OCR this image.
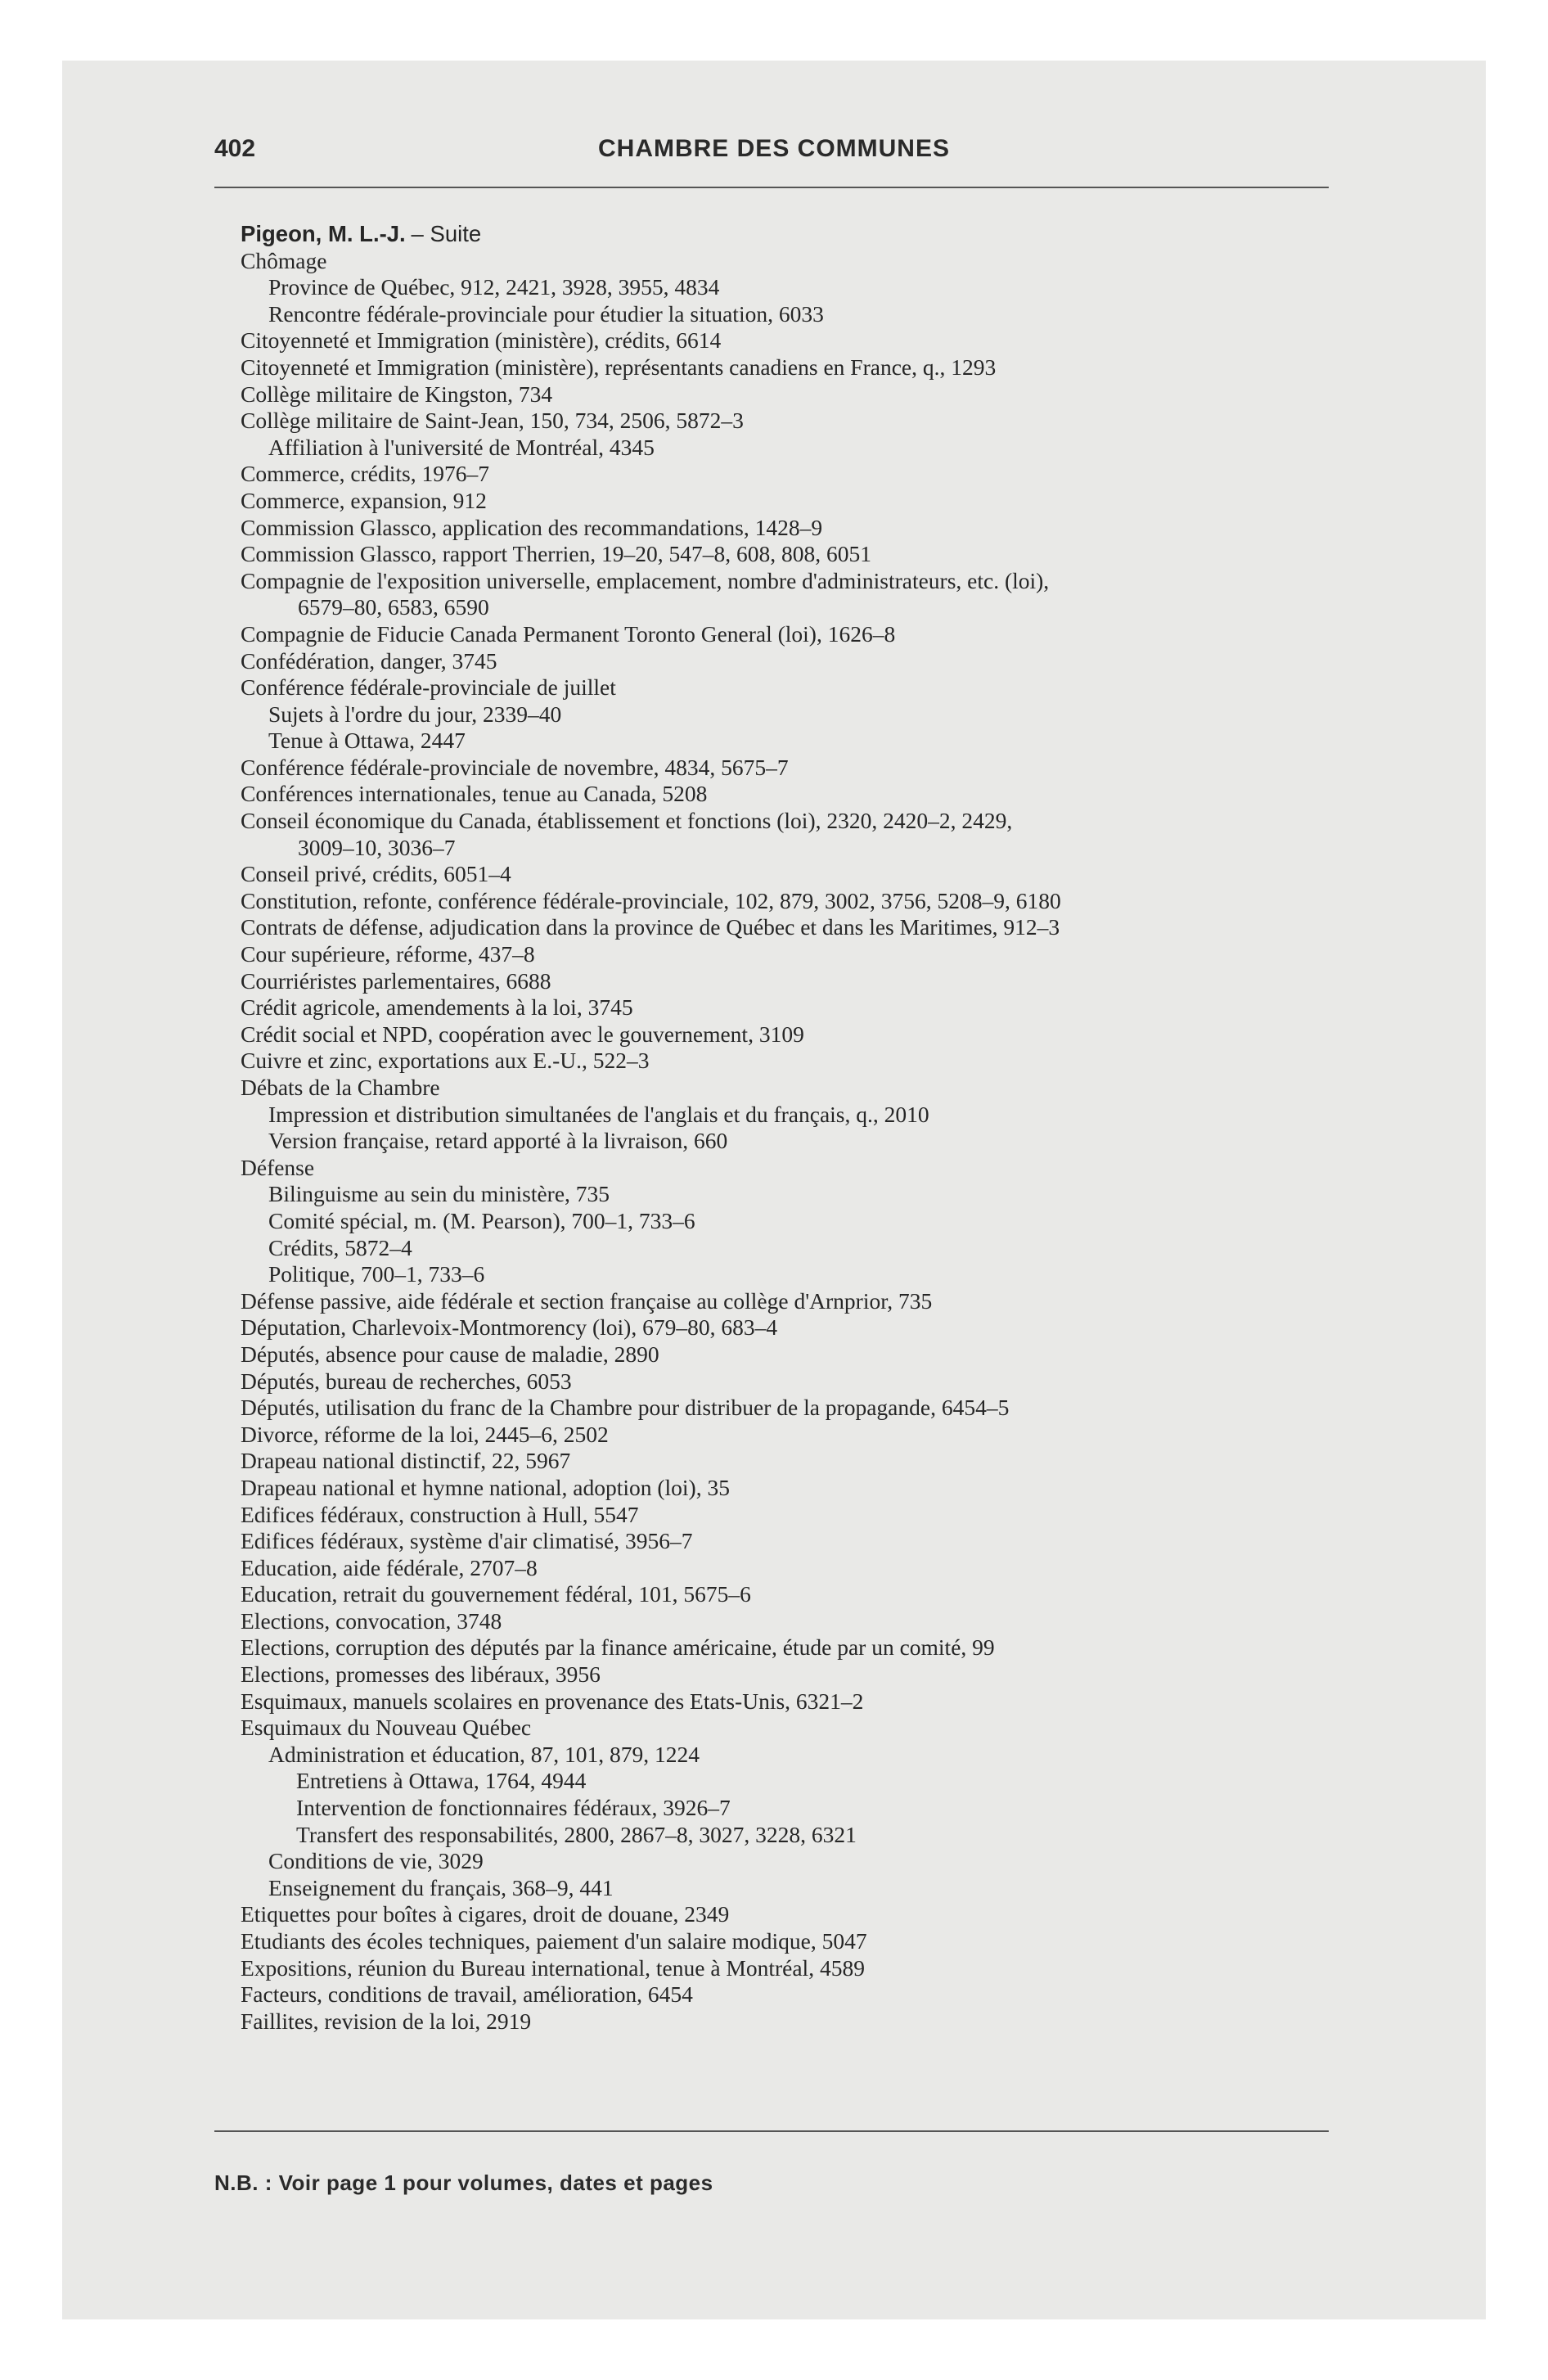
402	CHAMBRE DES COMMUNES
Pigeon, M. L.-J. – Suite
Chômage
Province de Québec, 912, 2421, 3928, 3955, 4834
Rencontre fédérale-provinciale pour étudier la situation, 6033
Citoyenneté et Immigration (ministère), crédits, 6614
Citoyenneté et Immigration (ministère), représentants canadiens en France, q., 1293
Collège militaire de Kingston, 734
Collège militaire de Saint-Jean, 150, 734, 2506, 5872–3
Affiliation à l'université de Montréal, 4345
Commerce, crédits, 1976–7
Commerce, expansion, 912
Commission Glassco, application des recommandations, 1428–9
Commission Glassco, rapport Therrien, 19–20, 547–8, 608, 808, 6051
Compagnie de l'exposition universelle, emplacement, nombre d'administrateurs, etc. (loi),
6579–80, 6583, 6590
Compagnie de Fiducie Canada Permanent Toronto General (loi), 1626–8
Confédération, danger, 3745
Conférence fédérale-provinciale de juillet
Sujets à l'ordre du jour, 2339–40
Tenue à Ottawa, 2447
Conférence fédérale-provinciale de novembre, 4834, 5675–7
Conférences internationales, tenue au Canada, 5208
Conseil économique du Canada, établissement et fonctions (loi), 2320, 2420–2, 2429,
3009–10, 3036–7
Conseil privé, crédits, 6051–4
Constitution, refonte, conférence fédérale-provinciale, 102, 879, 3002, 3756, 5208–9, 6180
Contrats de défense, adjudication dans la province de Québec et dans les Maritimes, 912–3
Cour supérieure, réforme, 437–8
Courriéristes parlementaires, 6688
Crédit agricole, amendements à la loi, 3745
Crédit social et NPD, coopération avec le gouvernement, 3109
Cuivre et zinc, exportations aux E.-U., 522–3
Débats de la Chambre
Impression et distribution simultanées de l'anglais et du français, q., 2010
Version française, retard apporté à la livraison, 660
Défense
Bilinguisme au sein du ministère, 735
Comité spécial, m. (M. Pearson), 700–1, 733–6
Crédits, 5872–4
Politique, 700–1, 733–6
Défense passive, aide fédérale et section française au collège d'Arnprior, 735
Députation, Charlevoix-Montmorency (loi), 679–80, 683–4
Députés, absence pour cause de maladie, 2890
Députés, bureau de recherches, 6053
Députés, utilisation du franc de la Chambre pour distribuer de la propagande, 6454–5
Divorce, réforme de la loi, 2445–6, 2502
Drapeau national distinctif, 22, 5967
Drapeau national et hymne national, adoption (loi), 35
Edifices fédéraux, construction à Hull, 5547
Edifices fédéraux, système d'air climatisé, 3956–7
Education, aide fédérale, 2707–8
Education, retrait du gouvernement fédéral, 101, 5675–6
Elections, convocation, 3748
Elections, corruption des députés par la finance américaine, étude par un comité, 99
Elections, promesses des libéraux, 3956
Esquimaux, manuels scolaires en provenance des Etats-Unis, 6321–2
Esquimaux du Nouveau Québec
Administration et éducation, 87, 101, 879, 1224
Entretiens à Ottawa, 1764, 4944
Intervention de fonctionnaires fédéraux, 3926–7
Transfert des responsabilités, 2800, 2867–8, 3027, 3228, 6321
Conditions de vie, 3029
Enseignement du français, 368–9, 441
Etiquettes pour boîtes à cigares, droit de douane, 2349
Etudiants des écoles techniques, paiement d'un salaire modique, 5047
Expositions, réunion du Bureau international, tenue à Montréal, 4589
Facteurs, conditions de travail, amélioration, 6454
Faillites, revision de la loi, 2919
N.B. : Voir page 1 pour volumes, dates et pages
